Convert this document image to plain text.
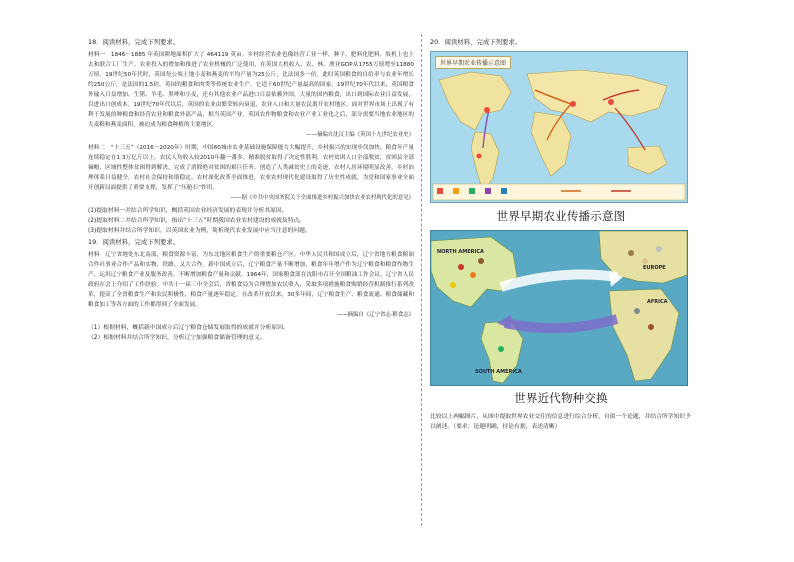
18．阅读材料，完成下列要求。

材料一　1846－1885 年英国耕地面积扩大了 464119 英亩。乡村经营农业也像经营工业一样，种子、肥料化肥料，肢机上也上去和联合工厂生产。农业投入的增加和推进了农业机械的广泛使用，在英国大机收入，农、林、渔业GDP从1755万镑增至11880万镑。19世纪50年代时，英国每公顷土地小麦和燕麦的平均产量为25公斤，比法国多一倍。此时英国粮食的自给率与农业年增长约250公斤，是法国的1.5倍。英国的粮食和肉类等传统农业生产，它适于60世纪产量最高的国家。19世纪70年代以来，英国粮食外输入日益增加，生猪、羊毛、黑啤和小麦，还有其他农业产品进口日益依赖外国，大量的国内粮食，出口到国际农业日益发展，以进出口创成本。19世纪70年代以后，英国的农业由繁荣转向衰退，农业人口和大量农民离开农村地区。面对世界市场上出现了有利于发展的种粮食和经营农业和粮食外部产品，相当英国产业。英国农作物粮食和农业产业工业化之后，部分需要当地农业地区的大麦粮和燕麦面积，被迫成为粮食种植的主要地区。

——摘编自沈汉主编《英国十九世纪农业史》

材料二　“十三五”（2016－2020年）时期，中国60城市农业基础设施保障能力大幅提升，乡村振兴的实现步伐加快，粮食年产量连续稳定在1.3万亿斤以上。农民人均收入较2010年翻一番多。精准脱贫取得了决定性胜利，农村贫困人口全部脱贫，贫困县全部摘帽，区域性整体贫困得到解决，完成了消除绝对贫困的艰巨任务。创造了人类减贫史上的奇迹，农村人居环境明显改善，乡村治理体系日益健全，农村社会保持和谐稳定。农村深化改革全面推进，农业农村现代化建设取得了历史性成就。为党和国家事业全面开创新局面提供了重要支撑，发挥了“压舱石”作用。

——据《中共中央国务院关于全面推进乡村振兴加快农业农村现代化的意见》

(1)提取材料一并结合所学知识，概括英国农业经济发展的表现并分析其原因。

(2)提取材料二并结合所学知识，指出“十三五”时期我国农业农村建设的成就及特点。

(3)提取材料并结合所学知识，以英国农业为例，简析现代农业发展中应当注意的问题。

19．阅读材料，完成下列要求。

材料　辽宁省地处东北南部，粮食资源丰富，为东北地区粮食生产的重要粮仓产区。中华人民共和国成立后，辽宁省地方粮食粮油合作社事业合作产品和实物，铁路、又大合作。新中国成立后，辽宁粮食产量不断增加，粮食年年增产作为辽宁粮食和粮食作物生产，运用辽宁粮食产业及服务改善，不断增加粮食产量和贡献。1964年，国家粮食部在沈阳市召开全国粮油工作会议，辽宁省人民政府在会上介绍了工作经验。中共十一届三中全会后，省粮食局为合理增加农民收入，采取多项措施粮食购销经营机制推行系列改革，提高了全省粮食生产和农民积极性，粮食产量逐年稳定，在改革开放以来，30多年间，辽宁粮食生产、粮食流通、粮食储藏和粮食加工等各方面的工作都得到了全面发展。

——摘编自《辽宁省志·粮食志》

（1）根据材料，概括新中国成立后辽宁粮食仓储发展取得的成就并分析原因。

（2）根据材料并结合所学知识，分析辽宁加强粮食储备管理的意义。

20．阅读材料，完成下列要求。

世界早期农业传播示意图
世界早期农业传播示意图
NORTH AMERICA
EUROPE
AFRICA
SOUTH AMERICA
世界近代物种交换

比较以上两幅图片，从图中提取世界农业交往的信息进行综合分析，自拟一个论题，并结合所学知识予以阐述。（要求：论题明确，持论有据，表述清晰）
